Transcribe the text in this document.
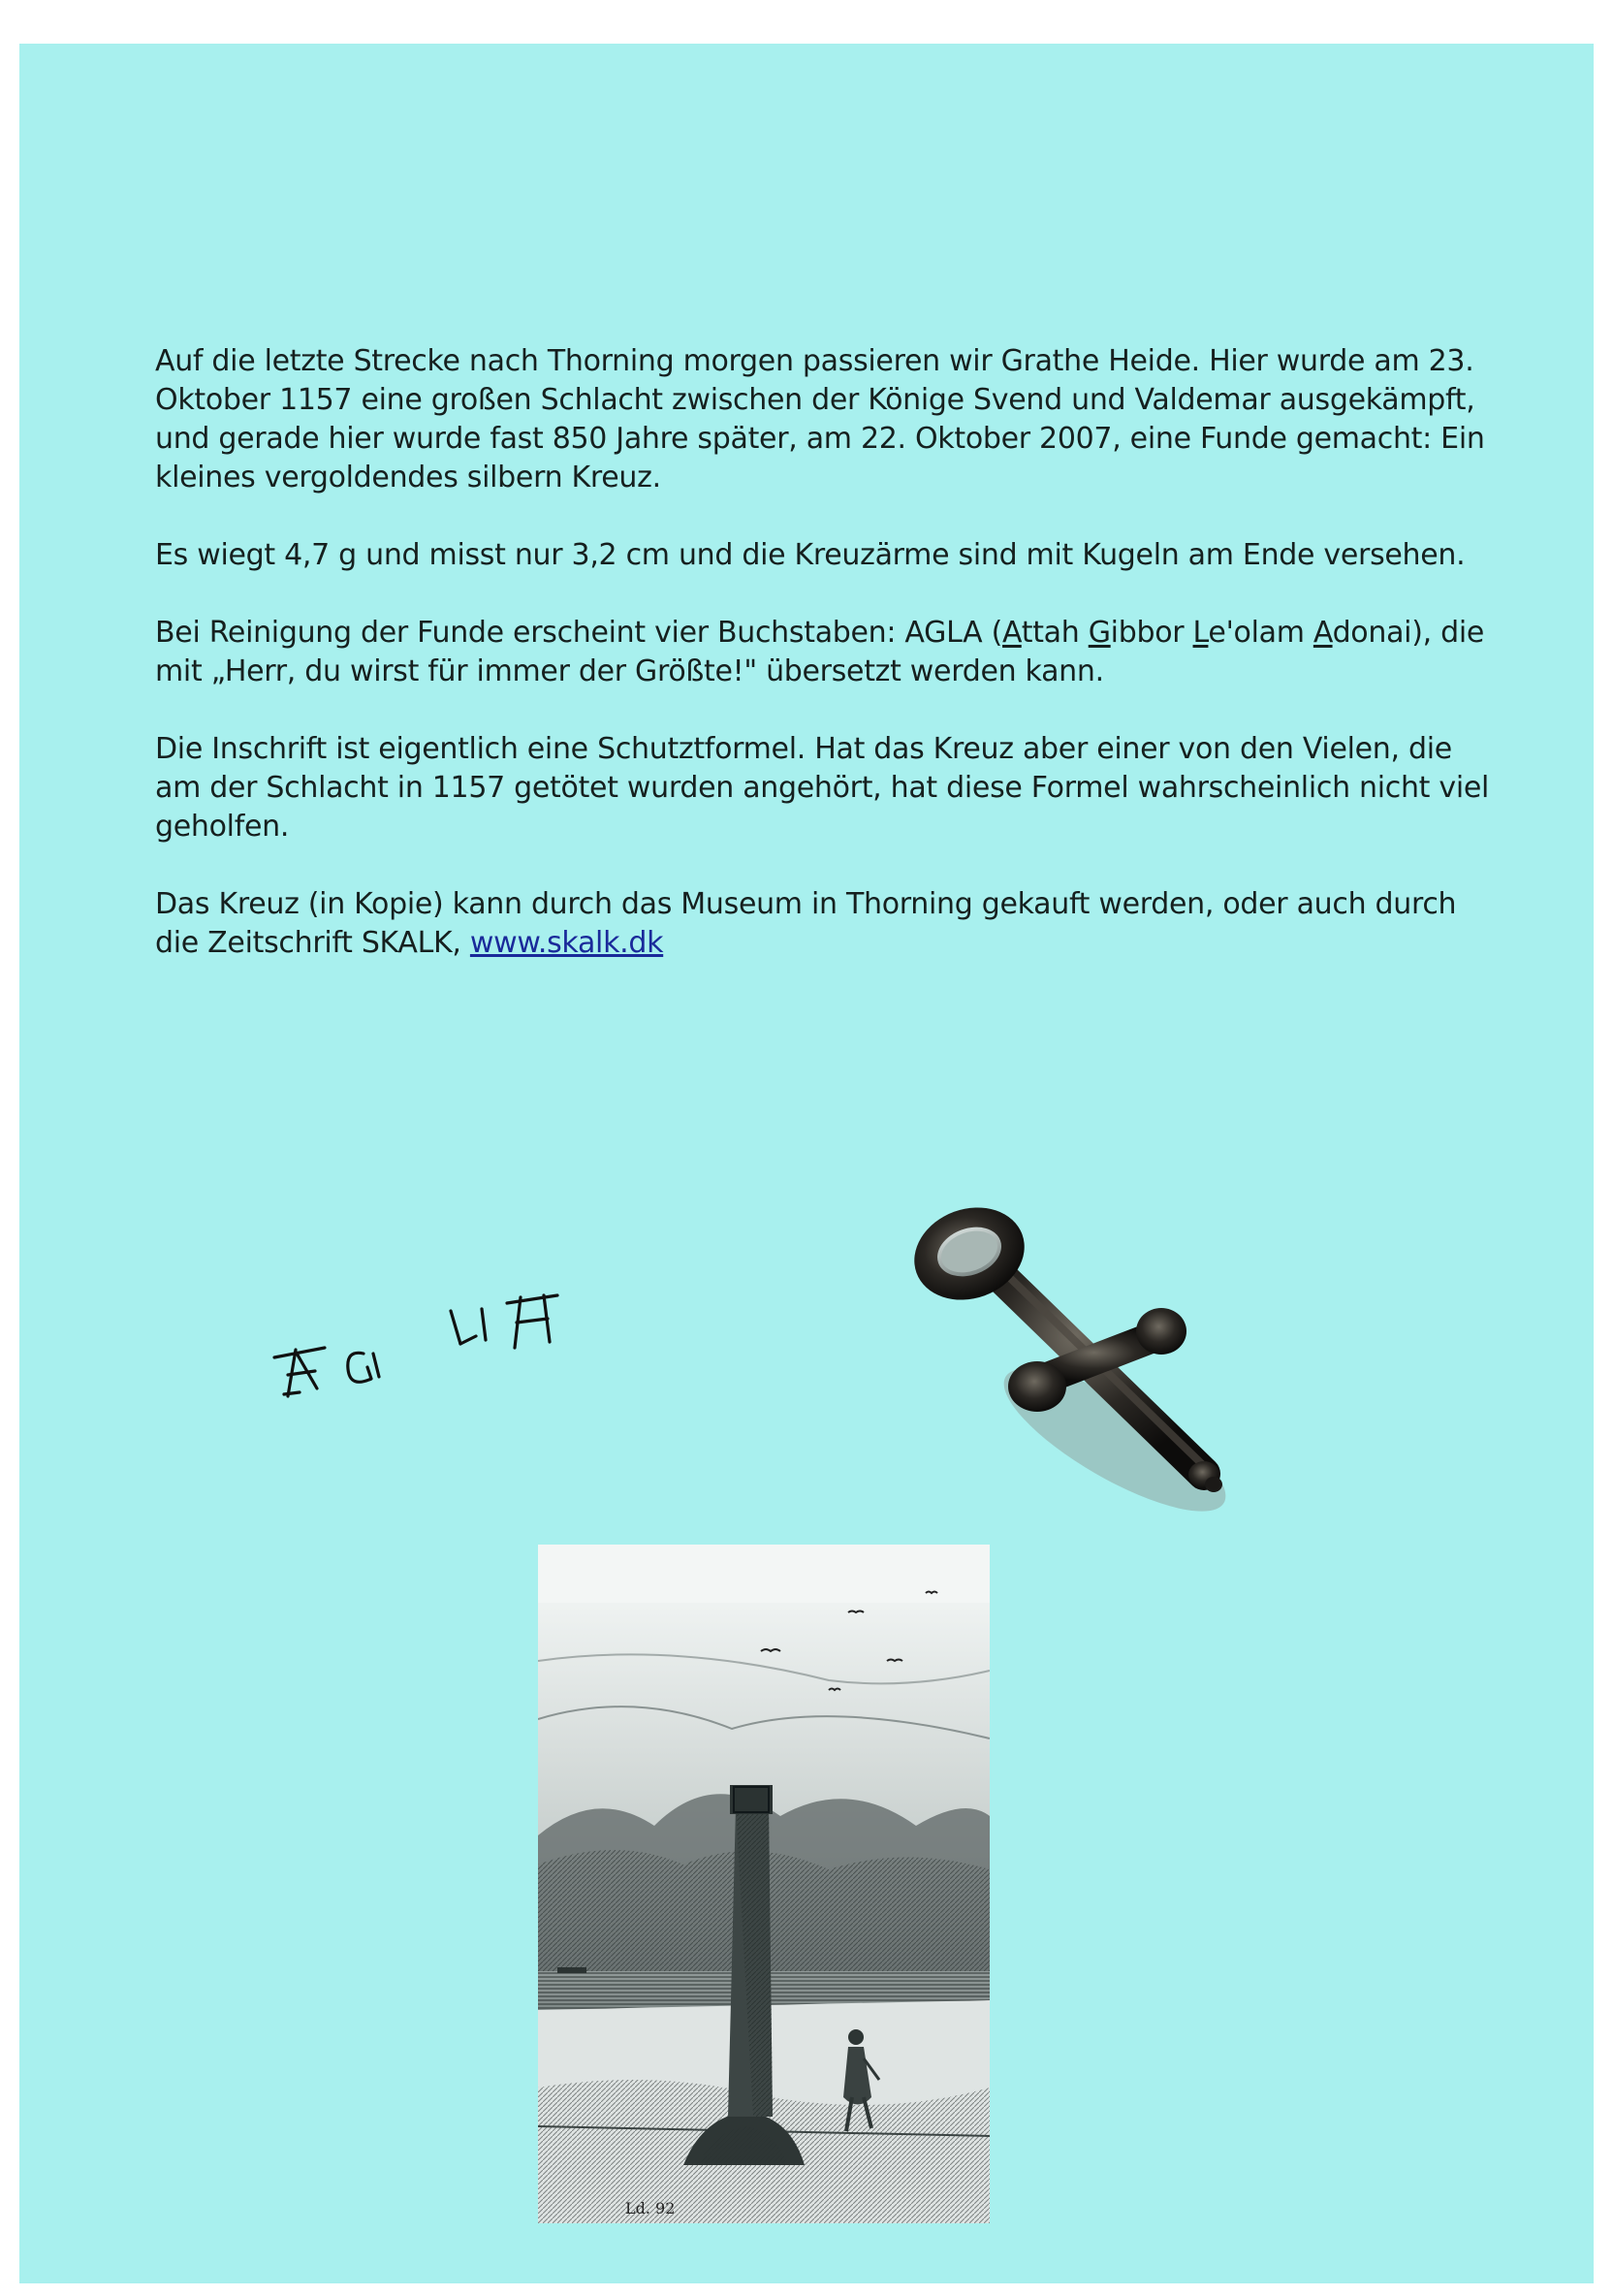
Auf die letzte Strecke nach Thorning morgen passieren wir Grathe Heide. Hier wurde am 23. Oktober 1157 eine großen Schlacht zwischen der Könige Svend und Valdemar ausgekämpft, und gerade hier wurde fast 850 Jahre später, am 22. Oktober 2007, eine Funde gemacht: Ein kleines vergoldendes silbern Kreuz.

Es wiegt 4,7 g und misst nur 3,2 cm und die Kreuzärme sind mit Kugeln am Ende versehen.

Bei Reinigung der Funde erscheint vier Buchstaben: AGLA (Attah Gibbor Le'olam Adonai), die mit „Herr, du wirst für immer der Größte!" übersetzt werden kann.

Die Inschrift ist eigentlich eine Schutztformel. Hat das Kreuz aber einer von den Vielen, die am der Schlacht in 1157 getötet wurden angehört, hat diese Formel wahrscheinlich nicht viel geholfen.

Das Kreuz (in Kopie) kann durch das Museum in Thorning gekauft werden, oder auch durch die Zeitschrift SKALK, www.skalk.dk

Ld. 92
